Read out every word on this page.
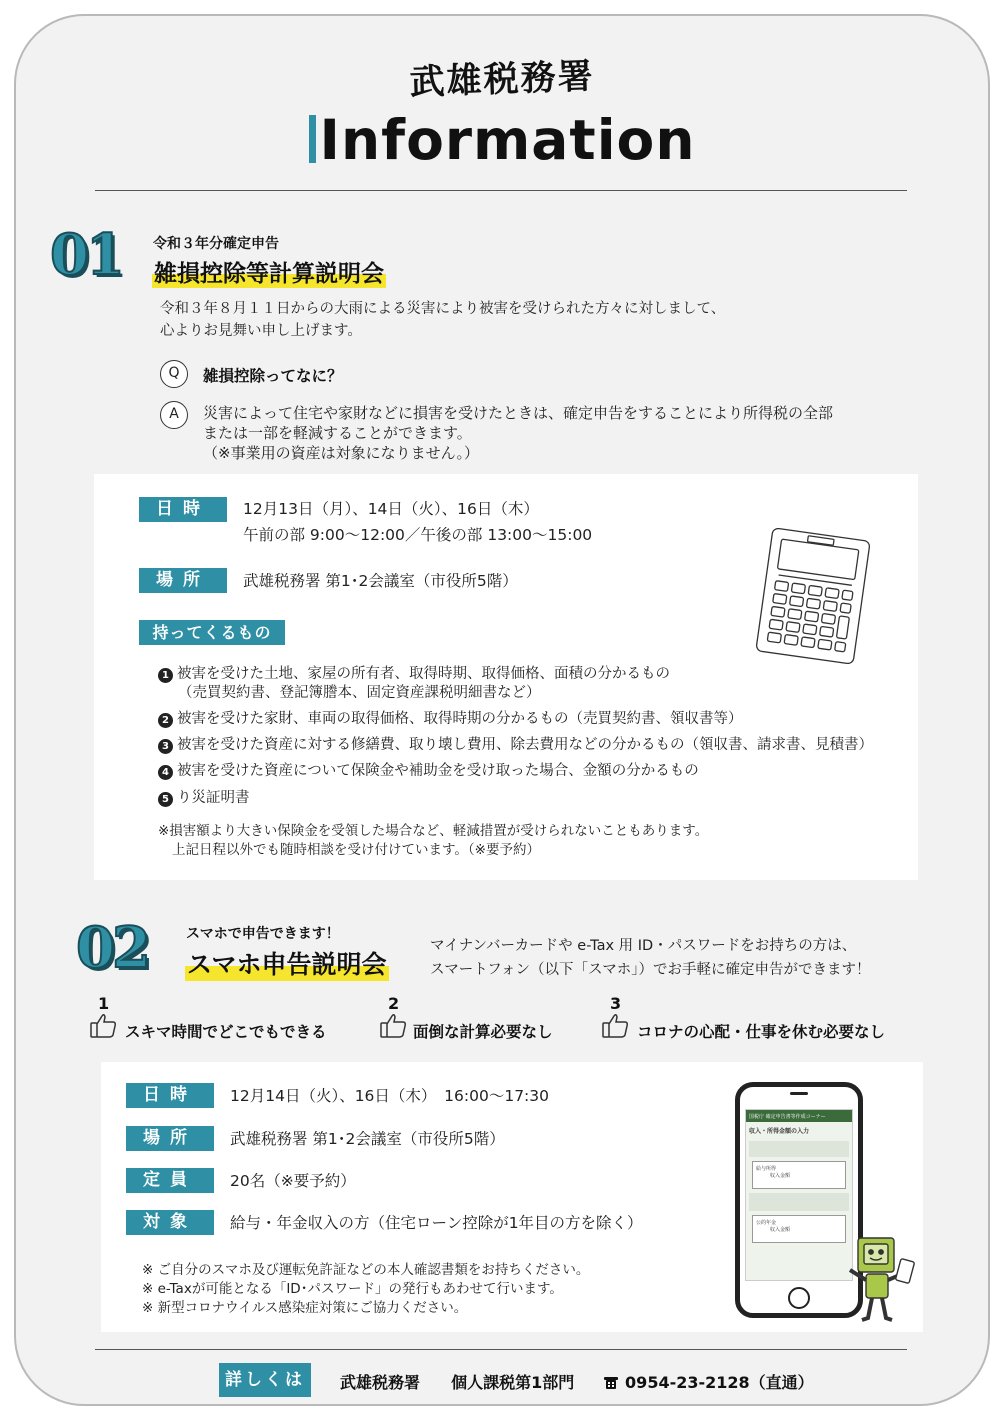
武雄税務署
Information
01 令和３年分確定申告
雑損控除等計算説明会
令和３年８月１１日からの大雨による災害により被害を受けられた方々に対しまして、
心よりお見舞い申し上げます。
Q	雑損控除ってなに？
A	災害によって住宅や家財などに損害を受けたときは、確定申告をすることにより所得税の全部
または一部を軽減することができます。
（※事業用の資産は対象になりません。）
日時	12月13日（月）、14日（火）、16日（木）
午前の部 9:00〜12:00／午後の部 13:00〜15:00
場所	武雄税務署 第1･2会議室（市役所5階）
持ってくるもの
1 被害を受けた土地、家屋の所有者、取得時期、取得価格、面積の分かるもの
（売買契約書、登記簿謄本、固定資産課税明細書など）
2 被害を受けた家財、車両の取得価格、取得時期の分かるもの（売買契約書、領収書等）
3 被害を受けた資産に対する修繕費、取り壊し費用、除去費用などの分かるもの（領収書、請求書、見積書）
4 被害を受けた資産について保険金や補助金を受け取った場合、金額の分かるもの
5 り災証明書
※損害額より大きい保険金を受領した場合など、軽減措置が受けられないこともあります。
上記日程以外でも随時相談を受け付けています。（※要予約）
02	スマホで申告できます！
スマホ申告説明会
マイナンバーカードや e-Tax 用 ID・パスワードをお持ちの方は、
スマートフォン（以下「スマホ」）でお手軽に確定申告ができます！
1
スキマ時間でどこでもできる
2
面倒な計算必要なし
3
コロナの心配・仕事を休む必要なし
日時	12月14日（火）、16日（木）　16:00〜17:30
場所	武雄税務署 第1･2会議室（市役所5階）
定員	20名（※要予約）
対象	給与・年金収入の方（住宅ローン控除が1年目の方を除く）
※ ご自分のスマホ及び運転免許証などの本人確認書類をお持ちください。
※ e-Taxが可能となる「ID･パスワード」の発行もあわせて行います。
※ 新型コロナウイルス感染症対策にご協力ください。
国税庁 確定申告書等作成コーナー
収入・所得金額の入力
給与所得
収入金額
公的年金
収入金額
詳しくは	武雄税務署 個人課税第1部門	0954-23-2128（直通）
